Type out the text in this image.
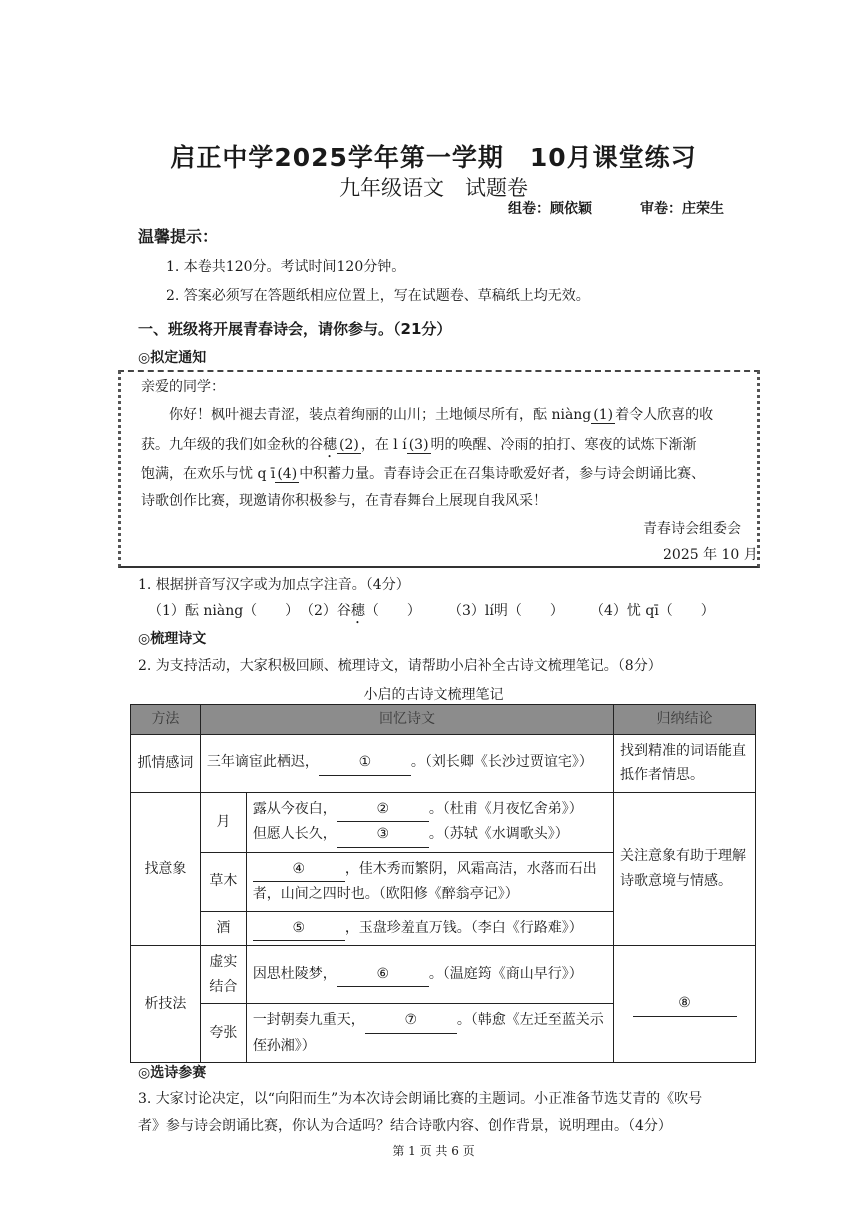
启正中学2025学年第一学期　10月课堂练习
九年级语文　试题卷
组卷：顾依颖	审卷：庄荣生
温馨提示：
1. 本卷共120分。考试时间120分钟。
2. 答案必须写在答题纸相应位置上，写在试题卷、草稿纸上均无效。
一、班级将开展青春诗会，请你参与。（21分）
◎拟定通知
亲爱的同学：
你好！枫叶褪去青涩，装点着绚丽的山川；土地倾尽所有，酝 niàng (1) 着令人欣喜的收
获。九年级的我们如金秋的谷穗 (2) ，在 l í (3) 明的唤醒、冷雨的拍打、寒夜的试炼下渐渐
饱满，在欢乐与忧 q ī (4) 中积蓄力量。青春诗会正在召集诗歌爱好者，参与诗会朗诵比赛、
诗歌创作比赛，现邀请你积极参与，在青春舞台上展现自我风采！
青春诗会组委会
2025 年 10 月
1. 根据拼音写汉字或为加点字注音。（4分）
（1）酝 niàng（　　） （2）谷穗（　　） （3）lí明（　　） （4）忧 qī（　　）
◎梳理诗文
2. 为支持活动，大家积极回顾、梳理诗文，请帮助小启补全古诗文梳理笔记。（8分）
小启的古诗文梳理笔记
方法	回忆诗文		归纳结论
抓情感词	三年谪宦此栖迟， ① 。（刘长卿《长沙过贾谊宅》）		找到精准的词语能直抵作者情思。
找意象	月	露从今夜白， ② 。（杜甫《月夜忆舍弟》）
但愿人长久， ③ 。（苏轼《水调歌头》）	关注意象有助于理解诗歌意境与情感。
	草木	④ ，佳木秀而繁阴，风霜高洁，水落而石出者，山间之四时也。（欧阳修《醉翁亭记》）	
	酒	⑤ ，玉盘珍羞直万钱。（李白《行路难》）	
析技法	虚实结合	因思杜陵梦， ⑥ 。（温庭筠《商山早行》）	⑧
	夸张	一封朝奏九重天， ⑦ 。（韩愈《左迁至蓝关示侄孙湘》）	
◎选诗参赛
3. 大家讨论决定，以“向阳而生”为本次诗会朗诵比赛的主题词。小正准备节选艾青的《吹号
者》参与诗会朗诵比赛，你认为合适吗？结合诗歌内容、创作背景，说明理由。（4分）
第 1 页 共 6 页
